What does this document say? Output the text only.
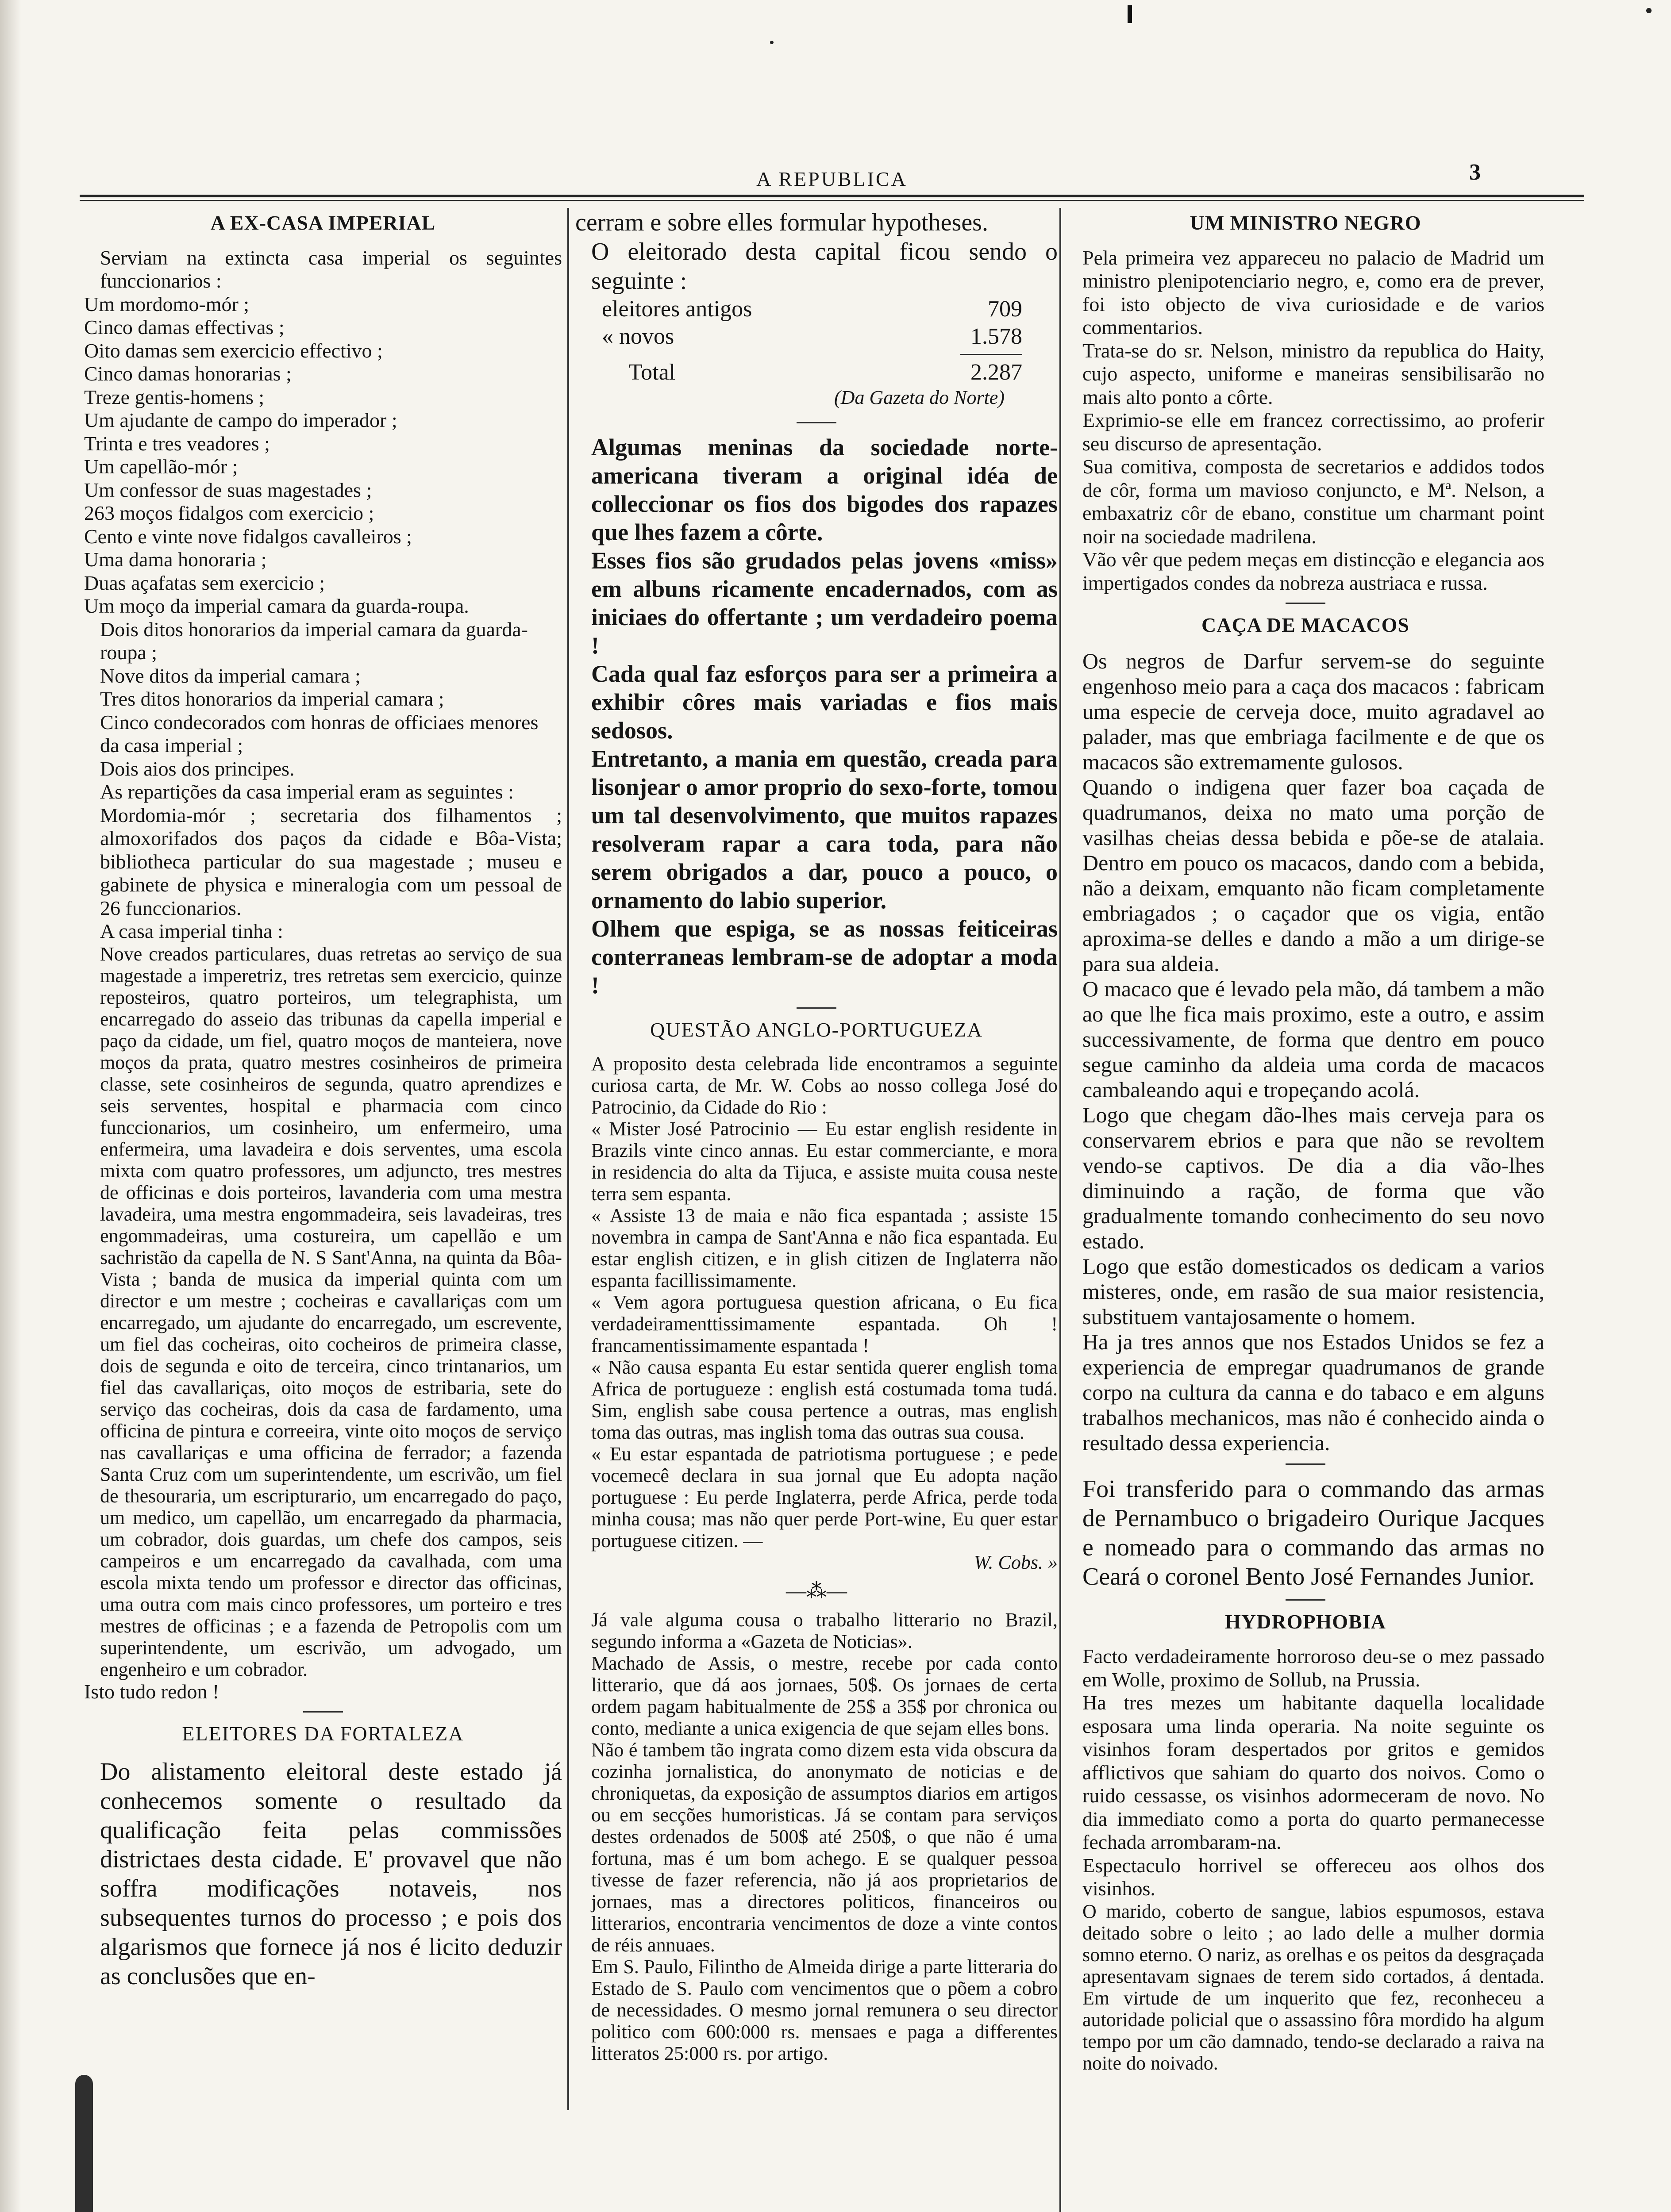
A REPUBLICA	3
A EX-CASA IMPERIAL

Serviam na extincta casa imperial os seguintes funccionarios :

Um mordomo-mór ;

Cinco damas effectivas ;

Oito damas sem exercicio effectivo ;

Cinco damas honorarias ;

Treze gentis-homens ;

Um ajudante de campo do imperador ;

Trinta e tres veadores ;

Um capellão-mór ;

Um confessor de suas magestades ;

263 moços fidalgos com exercicio ;

Cento e vinte nove fidalgos cavalleiros ;

Uma dama honoraria ;

Duas açafatas sem exercicio ;

Um moço da imperial camara da guarda-roupa.

Dois ditos honorarios da imperial camara da guarda-roupa ;

Nove ditos da imperial camara ;

Tres ditos honorarios da imperial camara ;

Cinco condecorados com honras de officiaes menores da casa imperial ;

Dois aios dos principes.

As repartições da casa imperial eram as seguintes :

Mordomia-mór ; secretaria dos filhamentos ; almoxorifados dos paços da cidade e Bôa-Vista; bibliotheca particular do sua magestade ; museu e gabinete de physica e mineralogia com um pessoal de 26 funccionarios.

A casa imperial tinha :

Nove creados particulares, duas retretas ao serviço de sua magestade a imperetriz, tres retretas sem exercicio, quinze reposteiros, quatro porteiros, um telegraphista, um encarregado do asseio das tribunas da capella imperial e paço da cidade, um fiel, quatro moços de manteiera, nove moços da prata, quatro mestres cosinheiros de primeira classe, sete cosinheiros de segunda, quatro aprendizes e seis serventes, hospital e pharmacia com cinco funccionarios, um cosinheiro, um enfermeiro, uma enfermeira, uma lavadeira e dois serventes, uma escola mixta com quatro professores, um adjuncto, tres mestres de officinas e dois porteiros, lavanderia com uma mestra lavadeira, uma mestra engommadeira, seis lavadeiras, tres engommadeiras, uma costureira, um capellão e um sachristão da capella de N. S Sant'Anna, na quinta da Bôa-Vista ; banda de musica da imperial quinta com um director e um mestre ; cocheiras e cavallariças com um encarregado, um ajudante do encarregado, um escrevente, um fiel das cocheiras, oito cocheiros de primeira classe, dois de segunda e oito de terceira, cinco trintanarios, um fiel das cavallariças, oito moços de estribaria, sete do serviço das cocheiras, dois da casa de fardamento, uma officina de pintura e correeira, vinte oito moços de serviço nas cavallariças e uma officina de ferrador; a fazenda Santa Cruz com um superintendente, um escrivão, um fiel de thesouraria, um escripturario, um encarregado do paço, um medico, um capellão, um encarregado da pharmacia, um cobrador, dois guardas, um chefe dos campos, seis campeiros e um encarregado da cavalhada, com uma escola mixta tendo um professor e director das officinas, uma outra com mais cinco professores, um porteiro e tres mestres de officinas ; e a fazenda de Petropolis com um superintendente, um escrivão, um advogado, um engenheiro e um cobrador.

Isto tudo redon !

ELEITORES DA FORTALEZA

Do alistamento eleitoral deste estado já conhecemos somente o resultado da qualificação feita pelas commissões districtaes desta cidade. E' provavel que não soffra modificações notaveis, nos subsequentes turnos do processo ; e pois dos algarismos que fornece já nos é licito deduzir as conclusões que en-

cerram e sobre elles formular hypotheses.

O eleitorado desta capital ficou sendo o seguinte :

eleitores antigos	709
« novos	1.578
Total	2.287
(Da Gazeta do Norte)

Algumas meninas da sociedade norte-americana tiveram a original idéa de colleccionar os fios dos bigodes dos rapazes que lhes fazem a côrte.

Esses fios são grudados pelas jovens «miss» em albuns ricamente encadernados, com as iniciaes do offertante ; um verdadeiro poema !

Cada qual faz esforços para ser a primeira a exhibir côres mais variadas e fios mais sedosos.

Entretanto, a mania em questão, creada para lisonjear o amor proprio do sexo-forte, tomou um tal desenvolvimento, que muitos rapazes resolveram rapar a cara toda, para não serem obrigados a dar, pouco a pouco, o ornamento do labio superior.

Olhem que espiga, se as nossas feiticeiras conterraneas lembram-se de adoptar a moda !

QUESTÃO ANGLO-PORTUGUEZA

A proposito desta celebrada lide encontramos a seguinte curiosa carta, de Mr. W. Cobs ao nosso collega José do Patrocinio, da Cidade do Rio :

« Mister José Patrocinio — Eu estar english residente in Brazils vinte cinco annas. Eu estar commerciante, e mora in residencia do alta da Tijuca, e assiste muita cousa neste terra sem espanta.

« Assiste 13 de maia e não fica espantada ; assiste 15 novembra in campa de Sant'Anna e não fica espantada. Eu estar english citizen, e in glish citizen de Inglaterra não espanta facillissimamente.

« Vem agora portuguesa question africana, o Eu fica verdadeiramenttissimamente espantada. Oh ! francamentissimamente espantada !

« Não causa espanta Eu estar sentida querer english toma Africa de portugueze : english está costumada toma tudá. Sim, english sabe cousa pertence a outras, mas english toma das outras, mas inglish toma das outras sua cousa.

« Eu estar espantada de patriotisma portuguese ; e pede vocemecê declara in sua jornal que Eu adopta nação portuguese : Eu perde Inglaterra, perde Africa, perde toda minha cousa; mas não quer perde Port-wine, Eu quer estar portuguese citizen. —

W. Cobs. »

—⁂—

Já vale alguma cousa o trabalho litterario no Brazil, segundo informa a «Gazeta de Noticias».

Machado de Assis, o mestre, recebe por cada conto litterario, que dá aos jornaes, 50$. Os jornaes de certa ordem pagam habitualmente de 25$ a 35$ por chronica ou conto, mediante a unica exigencia de que sejam elles bons.

Não é tambem tão ingrata como dizem esta vida obscura da cozinha jornalistica, do anonymato de noticias e de chroniquetas, da exposição de assumptos diarios em artigos ou em secções humoristicas. Já se contam para serviços destes ordenados de 500$ até 250$, o que não é uma fortuna, mas é um bom achego. E se qualquer pessoa tivesse de fazer referencia, não já aos proprietarios de jornaes, mas a directores politicos, financeiros ou litterarios, encontraria vencimentos de doze a vinte contos de réis annuaes.

Em S. Paulo, Filintho de Almeida dirige a parte litteraria do Estado de S. Paulo com vencimentos que o põem a cobro de necessidades. O mesmo jornal remunera o seu director politico com 600:000 rs. mensaes e paga a differentes litteratos 25:000 rs. por artigo.

UM MINISTRO NEGRO

Pela primeira vez appareceu no palacio de Madrid um ministro plenipotenciario negro, e, como era de prever, foi isto objecto de viva curiosidade e de varios commentarios.

Trata-se do sr. Nelson, ministro da republica do Haity, cujo aspecto, uniforme e maneiras sensibilisarão no mais alto ponto a côrte.

Exprimio-se elle em francez correctissimo, ao proferir seu discurso de apresentação.

Sua comitiva, composta de secretarios e addidos todos de côr, forma um mavioso conjuncto, e Mª. Nelson, a embaxatriz côr de ebano, constitue um charmant point noir na sociedade madrilena.

Vão vêr que pedem meças em distincção e elegancia aos impertigados condes da nobreza austriaca e russa.

CAÇA DE MACACOS

Os negros de Darfur servem-se do seguinte engenhoso meio para a caça dos macacos : fabricam uma especie de cerveja doce, muito agradavel ao palader, mas que embriaga facilmente e de que os macacos são extremamente gulosos.

Quando o indigena quer fazer boa caçada de quadrumanos, deixa no mato uma porção de vasilhas cheias dessa bebida e põe-se de atalaia. Dentro em pouco os macacos, dando com a bebida, não a deixam, emquanto não ficam completamente embriagados ; o caçador que os vigia, então aproxima-se delles e dando a mão a um dirige-se para sua aldeia.

O macaco que é levado pela mão, dá tambem a mão ao que lhe fica mais proximo, este a outro, e assim successivamente, de forma que dentro em pouco segue caminho da aldeia uma corda de macacos cambaleando aqui e tropeçando acolá.

Logo que chegam dão-lhes mais cerveja para os conservarem ebrios e para que não se revoltem vendo-se captivos. De dia a dia vão-lhes diminuindo a ração, de forma que vão gradualmente tomando conhecimento do seu novo estado.

Logo que estão domesticados os dedicam a varios misteres, onde, em rasão de sua maior resistencia, substituem vantajosamente o homem.

Ha ja tres annos que nos Estados Unidos se fez a experiencia de empregar quadrumanos de grande corpo na cultura da canna e do tabaco e em alguns trabalhos mechanicos, mas não é conhecido ainda o resultado dessa experiencia.

Foi transferido para o commando das armas de Pernambuco o brigadeiro Ourique Jacques e nomeado para o commando das armas no Ceará o coronel Bento José Fernandes Junior.

HYDROPHOBIA

Facto verdadeiramente horroroso deu-se o mez passado em Wolle, proximo de Sollub, na Prussia.

Ha tres mezes um habitante daquella localidade esposara uma linda operaria. Na noite seguinte os visinhos foram despertados por gritos e gemidos afflictivos que sahiam do quarto dos noivos. Como o ruido cessasse, os visinhos adormeceram de novo. No dia immediato como a porta do quarto permanecesse fechada arrombaram-na.

Espectaculo horrivel se offereceu aos olhos dos visinhos.

O marido, coberto de sangue, labios espumosos, estava deitado sobre o leito ; ao lado delle a mulher dormia somno eterno. O nariz, as orelhas e os peitos da desgraçada apresentavam signaes de terem sido cortados, á dentada. Em virtude de um inquerito que fez, reconheceu a autoridade policial que o assassino fôra mordido ha algum tempo por um cão damnado, tendo-se declarado a raiva na noite do noivado.
